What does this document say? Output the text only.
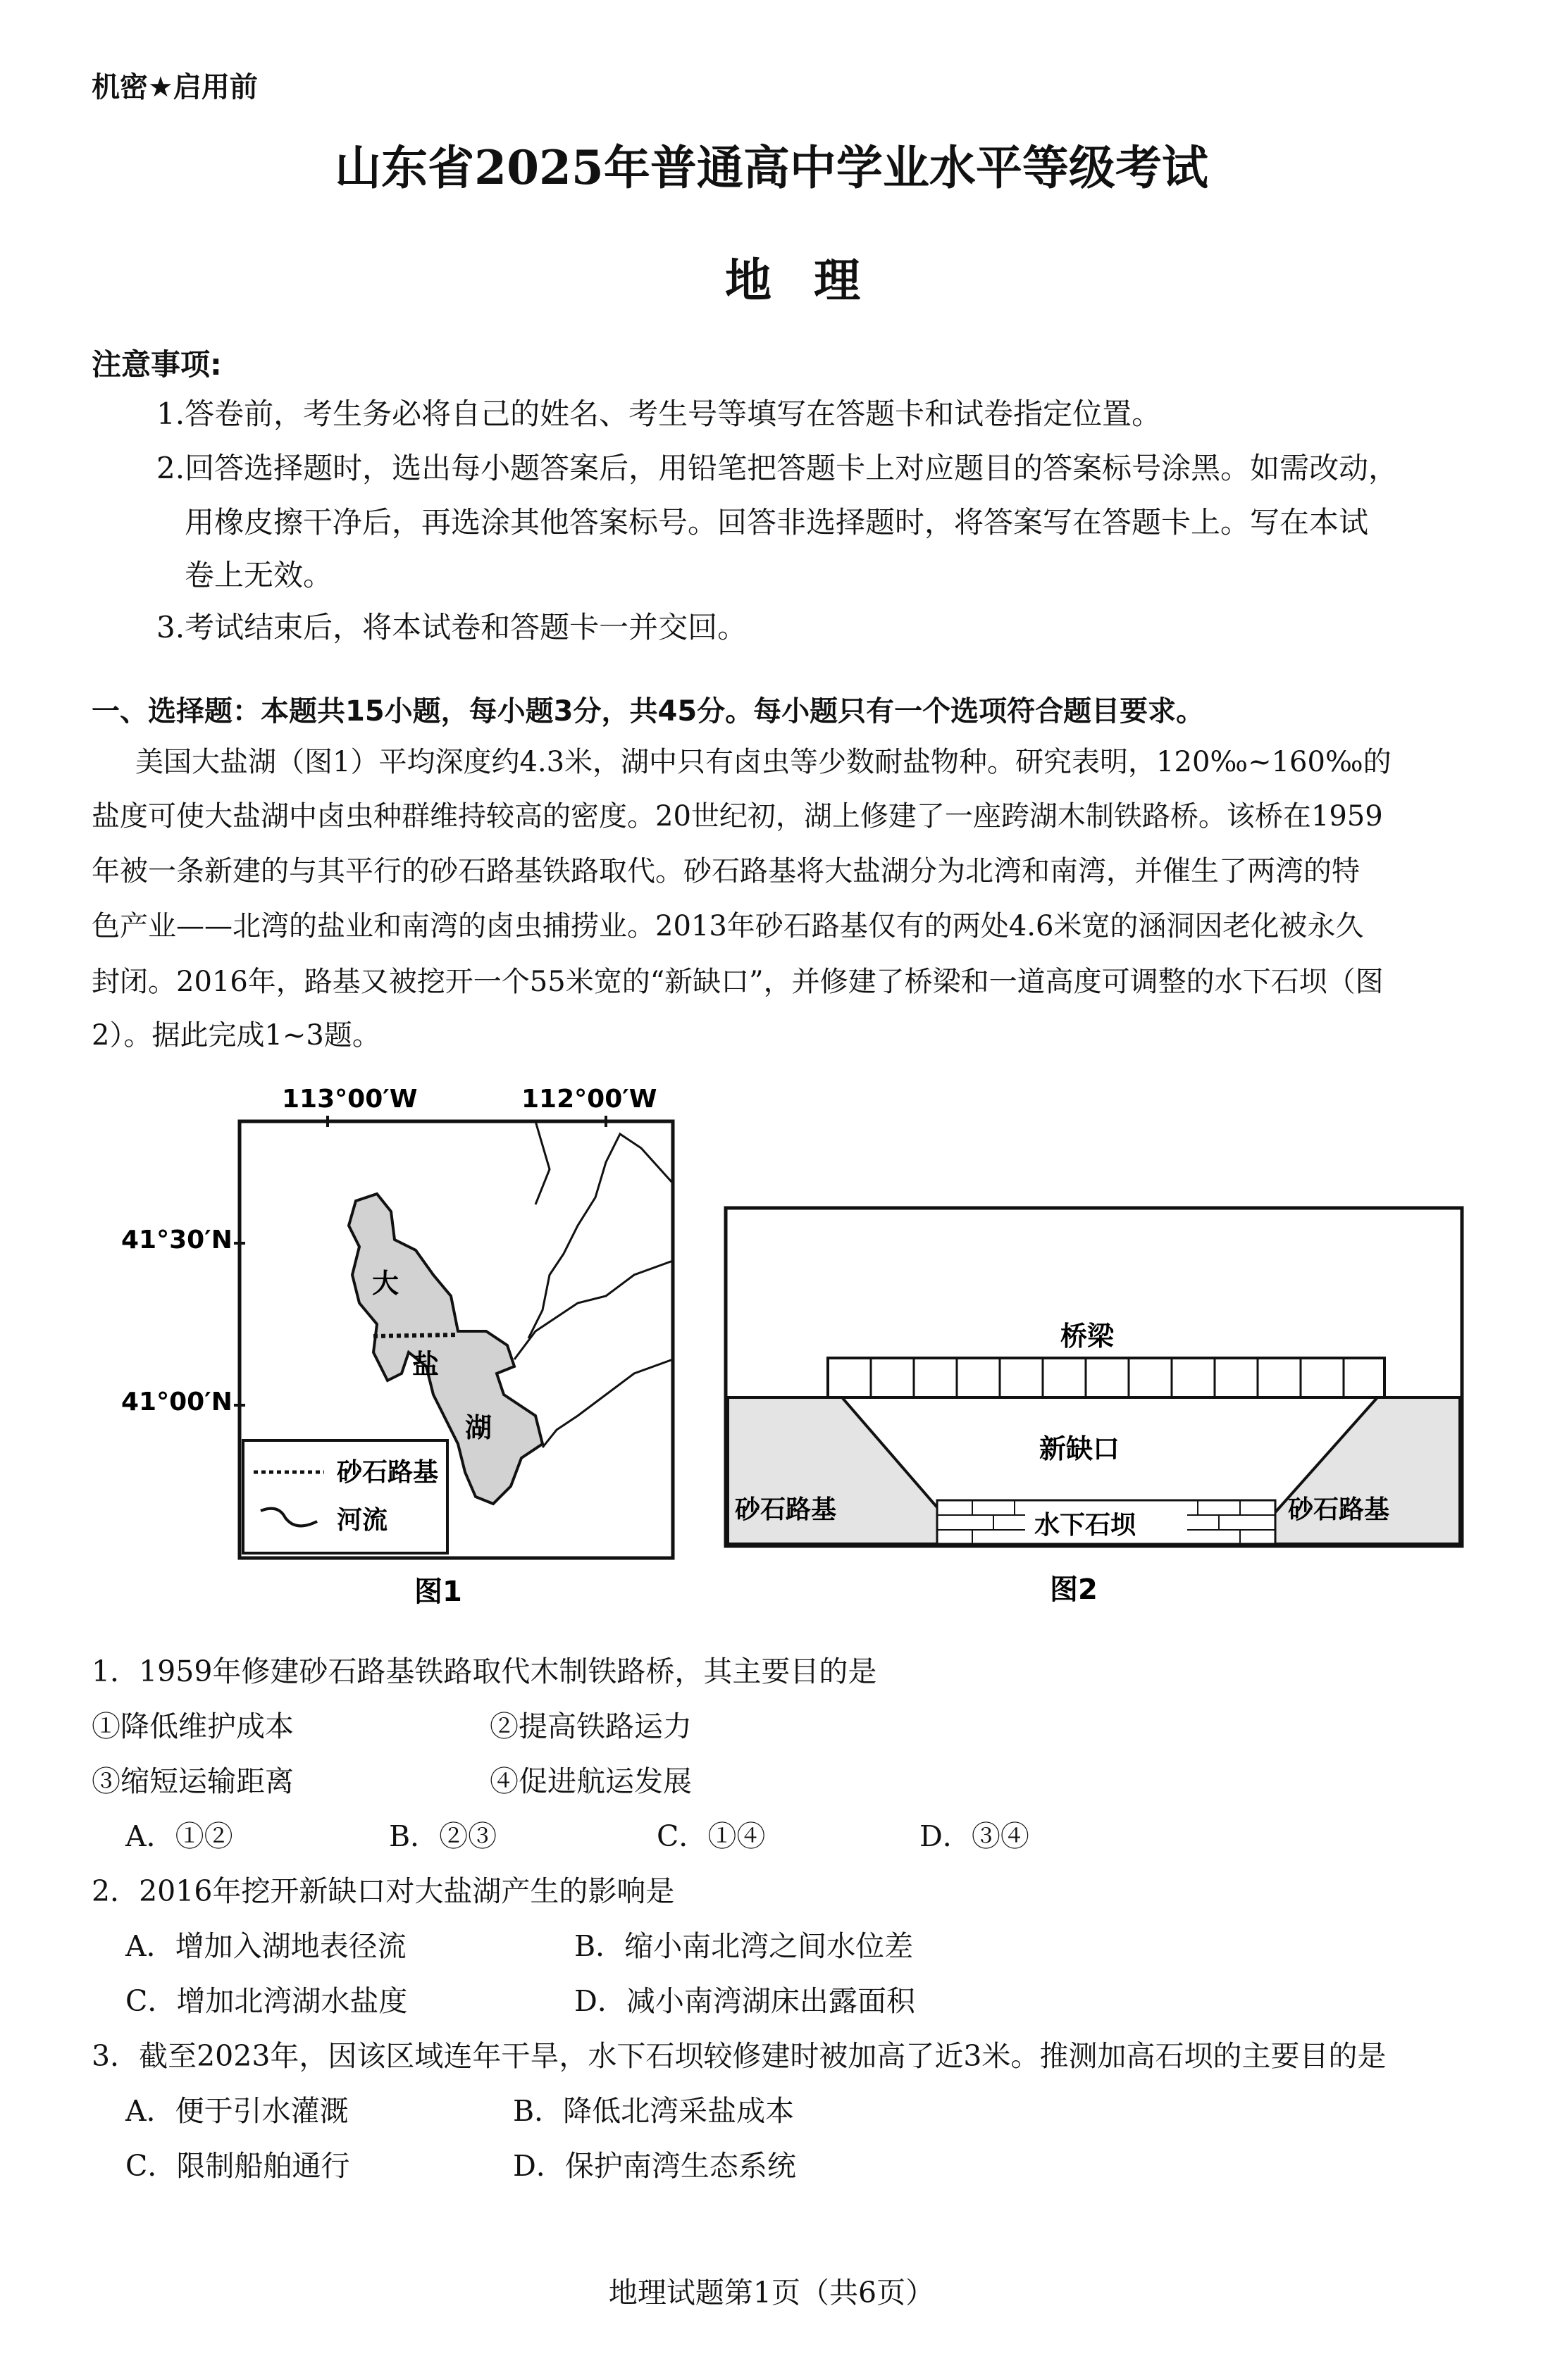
机密★启用前
山东省2025年普通高中学业水平等级考试
地理
注意事项:
1.答卷前，考生务必将自己的姓名、考生号等填写在答题卡和试卷指定位置。
2.回答选择题时，选出每小题答案后，用铅笔把答题卡上对应题目的答案标号涂黑。如需改动，
用橡皮擦干净后，再选涂其他答案标号。回答非选择题时，将答案写在答题卡上。写在本试
卷上无效。
3.考试结束后，将本试卷和答题卡一并交回。
一、选择题：本题共15小题，每小题3分，共45分。每小题只有一个选项符合题目要求。
美国大盐湖（图1）平均深度约4.3米，湖中只有卤虫等少数耐盐物种。研究表明，120‰~160‰的
盐度可使大盐湖中卤虫种群维持较高的密度。20世纪初，湖上修建了一座跨湖木制铁路桥。该桥在1959
年被一条新建的与其平行的砂石路基铁路取代。砂石路基将大盐湖分为北湾和南湾，并催生了两湾的特
色产业——北湾的盐业和南湾的卤虫捕捞业。2013年砂石路基仅有的两处4.6米宽的涵洞因老化被永久
封闭。2016年，路基又被挖开一个55米宽的“新缺口”，并修建了桥梁和一道高度可调整的水下石坝（图
2）。据此完成1~3题。
113°00′W	112°00′W
41°30′N
41°00′N
大
盐
湖
砂石路基
河流
图1
桥梁
新缺口
水下石坝
砂石路基	砂石路基
图2
1．1959年修建砂石路基铁路取代木制铁路桥，其主要目的是
①降低维护成本	②提高铁路运力
③缩短运输距离	④促进航运发展
A．①②	B．②③	C．①④	D．③④
2．2016年挖开新缺口对大盐湖产生的影响是
A．增加入湖地表径流	B．缩小南北湾之间水位差
C．增加北湾湖水盐度	D．减小南湾湖床出露面积
3．截至2023年，因该区域连年干旱，水下石坝较修建时被加高了近3米。推测加高石坝的主要目的是
A．便于引水灌溉	B．降低北湾采盐成本
C．限制船舶通行	D．保护南湾生态系统
地理试题第1页（共6页）
